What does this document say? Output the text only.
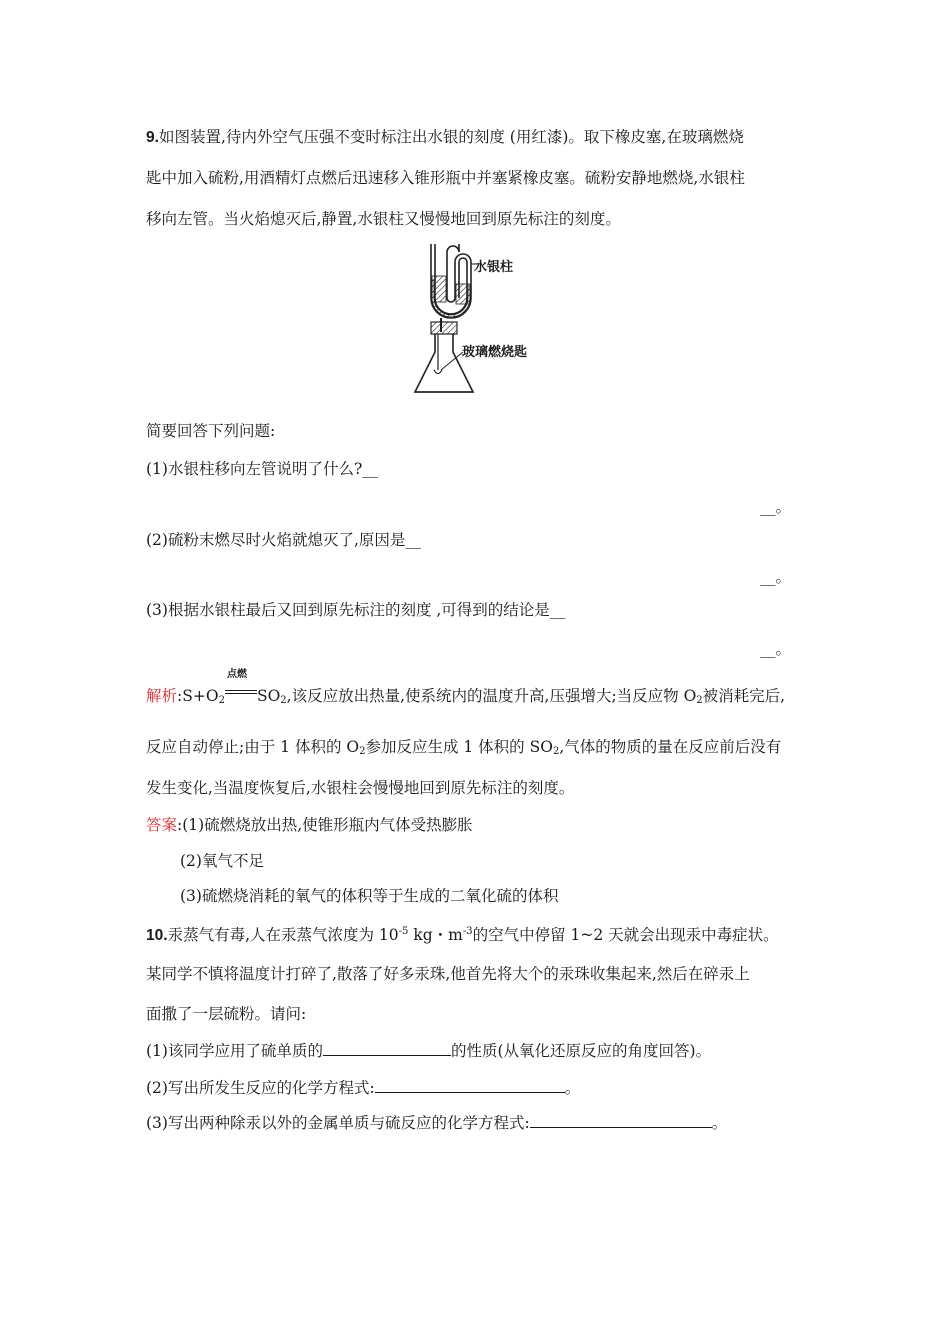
9.如图装置,待内外空气压强不变时标注出水银的刻度 (用红漆)。取下橡皮塞,在玻璃燃烧
匙中加入硫粉,用酒精灯点燃后迅速移入锥形瓶中并塞紧橡皮塞。硫粉安静地燃烧,水银柱
移向左管。当火焰熄灭后,静置,水银柱又慢慢地回到原先标注的刻度。
水银柱
玻璃燃烧匙
简要回答下列问题:
(1)水银柱移向左管说明了什么?__
__。
(2)硫粉末燃尽时火焰就熄灭了,原因是__
__。
(3)根据水银柱最后又回到原先标注的刻度 ,可得到的结论是__
__。
解析$:S+O_2$
点燃
$SO_2$,该反应放出热量,使系统内的温度升高,压强增大;当反应物 $O_2$被消耗完后,
反应自动停止;由于 1 体积的 $O_2$参加反应生成 1 体积的 $SO_2$,气体的物质的量在反应前后没有
发生变化,当温度恢复后,水银柱会慢慢地回到原先标注的刻度。
答案:(1)硫燃烧放出热,使锥形瓶内气体受热膨胀
(2)氧气不足
(3)硫燃烧消耗的氧气的体积等于生成的二氧化硫的体积
10.汞蒸气有毒,人在汞蒸气浓度为 $10^{-5}$ kg・$m^{-3}$的空气中停留 1~2 天就会出现汞中毒症状。
某同学不慎将温度计打碎了,散落了好多汞珠,他首先将大个的汞珠收集起来,然后在碎汞上
面撒了一层硫粉。请问:
(1)该同学应用了硫单质的	的性质(从氧化还原反应的角度回答)。
(2)写出所发生反应的化学方程式:	。
(3)写出两种除汞以外的金属单质与硫反应的化学方程式:	。
